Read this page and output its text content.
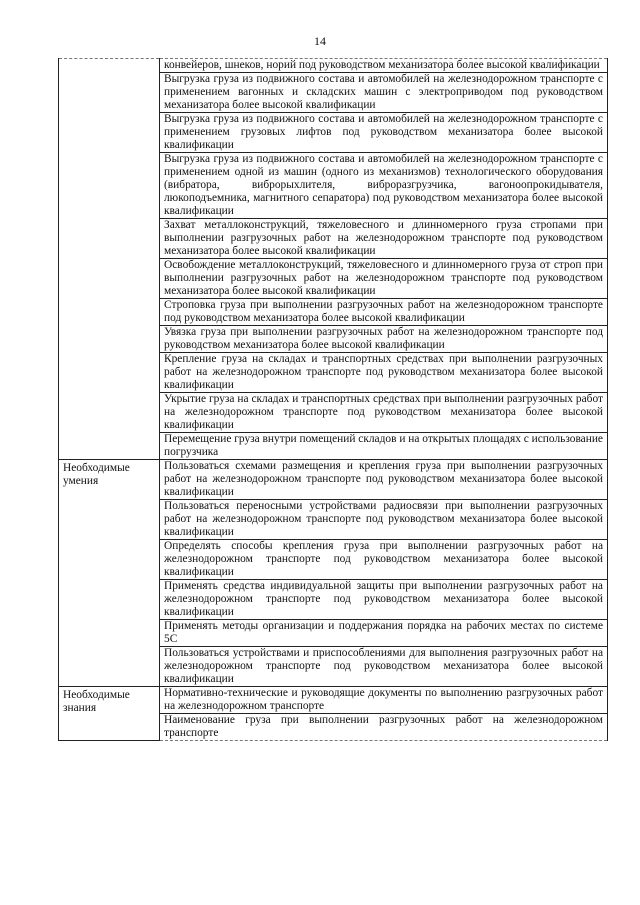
14
	конвейеров, шнеков, норий под руководством механизатора более высокой квалификации
	Выгрузка груза из подвижного состава и автомобилей на железнодорожном транспорте с применением вагонных и складских машин с электроприводом под руководством механизатора более высокой квалификации
	Выгрузка груза из подвижного состава и автомобилей на железнодорожном транспорте с применением грузовых лифтов под руководством механизатора более высокой квалификации
	Выгрузка груза из подвижного состава и автомобилей на железнодорожном транспорте с применением одной из машин (одного из механизмов) технологического оборудования (вибратора, виброрыхлителя, виброразгрузчика, вагоноопрокидывателя, люкоподъемника, магнитного сепаратора) под руководством механизатора более высокой квалификации
	Захват металлоконструкций, тяжеловесного и длинномерного груза стропами при выполнении разгрузочных работ на железнодорожном транспорте под руководством механизатора более высокой квалификации
	Освобождение металлоконструкций, тяжеловесного и длинномерного груза от строп при выполнении разгрузочных работ на железнодорожном транспорте под руководством механизатора более высокой квалификации
	Строповка груза при выполнении разгрузочных работ на железнодорожном транспорте под руководством механизатора более высокой квалификации
	Увязка груза при выполнении разгрузочных работ на железнодорожном транспорте под руководством механизатора более высокой квалификации
	Крепление груза на складах и транспортных средствах при выполнении разгрузочных работ на железнодорожном транспорте под руководством механизатора более высокой квалификации
	Укрытие груза на складах и транспортных средствах при выполнении разгрузочных работ на железнодорожном транспорте под руководством механизатора более высокой квалификации
	Перемещение груза внутри помещений складов и на открытых площадях с использование погрузчика
Необходимые умения	Пользоваться схемами размещения и крепления груза при выполнении разгрузочных работ на железнодорожном транспорте под руководством механизатора более высокой квалификации
	Пользоваться переносными устройствами радиосвязи при выполнении разгрузочных работ на железнодорожном транспорте под руководством механизатора более высокой квалификации
	Определять способы крепления груза при выполнении разгрузочных работ на железнодорожном транспорте под руководством механизатора более высокой квалификации
	Применять средства индивидуальной защиты при выполнении разгрузочных работ на железнодорожном транспорте под руководством механизатора более высокой квалификации
	Применять методы организации и поддержания порядка на рабочих местах по системе 5С
	Пользоваться устройствами и приспособлениями для выполнения разгрузочных работ на железнодорожном транспорте под руководством механизатора более высокой квалификации
Необходимые знания	Нормативно-технические и руководящие документы по выполнению разгрузочных работ на железнодорожном транспорте
	Наименование груза при выполнении разгрузочных работ на железнодорожном транспорте
